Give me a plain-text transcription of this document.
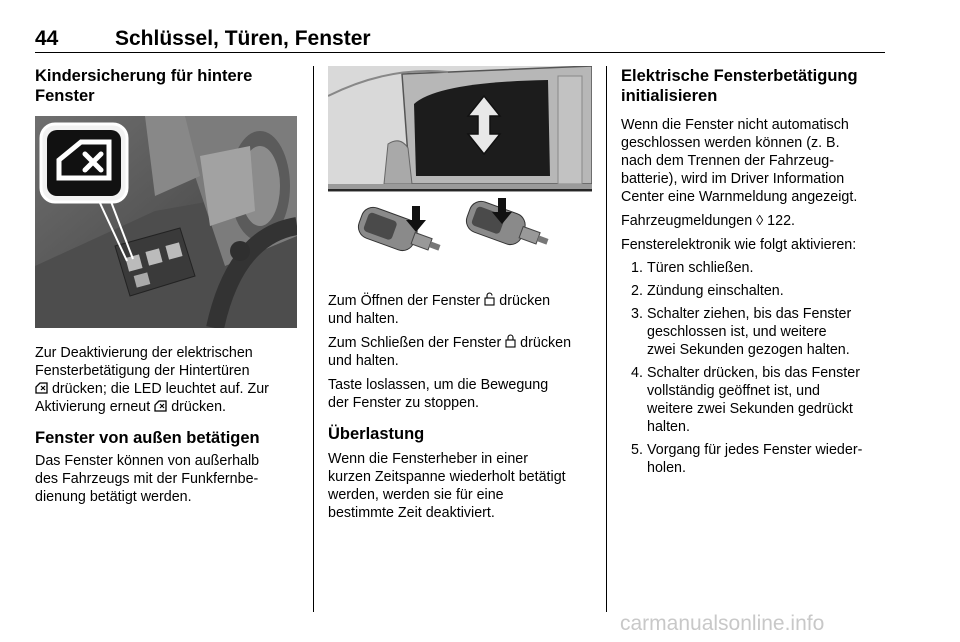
44	Schlüssel, Türen, Fenster
Kindersicherung für hintere
Fenster

Zur Deaktivierung der elektrischen
Fensterbetätigung der Hintertüren
drücken; die LED leuchtet auf. Zur
Aktivierung erneut  drücken.

Fenster von außen betätigen

Das Fenster können von außerhalb
des Fahrzeugs mit der Funkfernbe-
dienung betätigt werden.

Zum Öffnen der Fenster  drücken
und halten.

Zum Schließen der Fenster  drücken
und halten.

Taste loslassen, um die Bewegung
der Fenster zu stoppen.

Überlastung

Wenn die Fensterheber in einer
kurzen Zeitspanne wiederholt betätigt
werden, werden sie für eine
bestimmte Zeit deaktiviert.

Elektrische Fensterbetätigung
initialisieren

Wenn die Fenster nicht automatisch
geschlossen werden können (z. B.
nach dem Trennen der Fahrzeug-
batterie), wird im Driver Information
Center eine Warnmeldung angezeigt.

Fahrzeugmeldungen ◊ 122.

Fensterelektronik wie folgt aktivieren:

1. Türen schließen.
2. Zündung einschalten.
3. Schalter ziehen, bis das Fenster
geschlossen ist, und weitere
zwei Sekunden gezogen halten.
4. Schalter drücken, bis das Fenster
vollständig geöffnet ist, und
weitere zwei Sekunden gedrückt
halten.
5. Vorgang für jedes Fenster wieder-
holen.
carmanualsonline.info
